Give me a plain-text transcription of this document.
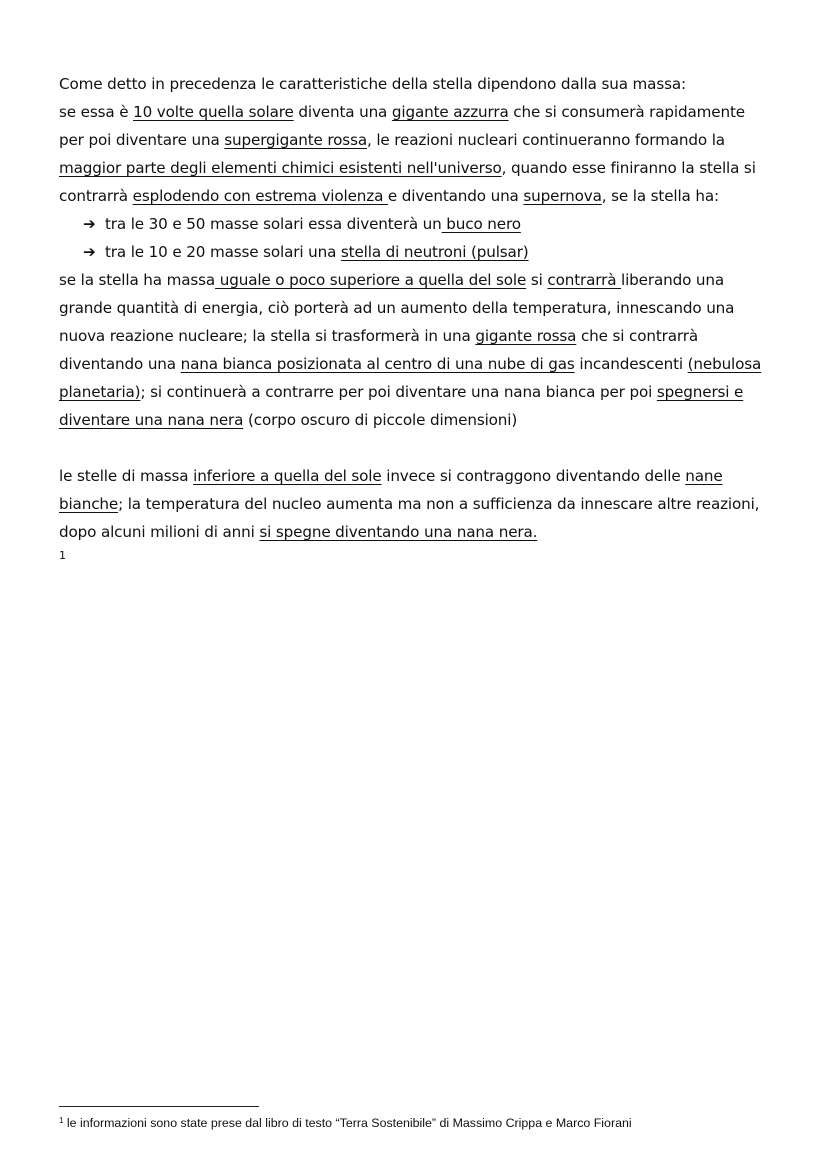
Come detto in precedenza le caratteristiche della stella dipendono dalla sua massa:
se essa è 10 volte quella solare diventa una gigante azzurra che si consumerà rapidamente per poi diventare una supergigante rossa, le reazioni nucleari continueranno formando la maggior parte degli elementi chimici esistenti nell'universo, quando esse finiranno la stella si contrarrà esplodendo con estrema violenza e diventando una supernova, se la stella ha:

➔ tra le 30 e 50 masse solari essa diventerà un buco nero
➔ tra le 10 e 20 masse solari una stella di neutroni (pulsar)

se la stella ha massa uguale o poco superiore a quella del sole si contrarrà liberando una grande quantità di energia, ciò porterà ad un aumento della temperatura, innescando una nuova reazione nucleare; la stella si trasformerà in una gigante rossa che si contrarrà diventando una nana bianca posizionata al centro di una nube di gas incandescenti (nebulosa planetaria); si continuerà a contrarre per poi diventare una nana bianca per poi spegnersi e diventare una nana nera (corpo oscuro di piccole dimensioni)

le stelle di massa inferiore a quella del sole invece si contraggono diventando delle nane bianche; la temperatura del nucleo aumenta ma non a sufficienza da innescare altre reazioni, dopo alcuni milioni di anni si spegne diventando una nana nera.
1

$^1$ le informazioni sono state prese dal libro di testo “Terra Sostenibile” di Massimo Crippa e Marco Fiorani
